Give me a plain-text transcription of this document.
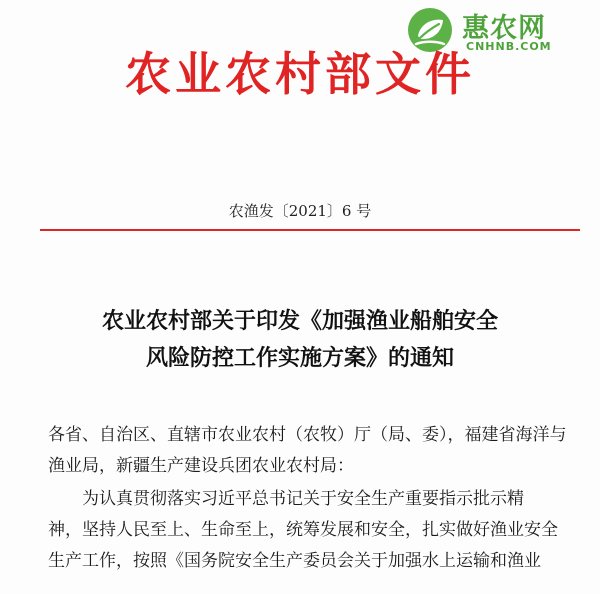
惠农网
CNHNB.COM
农业农村部文件
农渔发〔2021〕6 号
农业农村部关于印发《加强渔业船舶安全
风险防控工作实施方案》的通知
各省、自治区、直辖市农业农村（农牧）厅（局、委），福建省海洋与
渔业局，新疆生产建设兵团农业农村局：
为认真贯彻落实习近平总书记关于安全生产重要指示批示精
神，坚持人民至上、生命至上，统筹发展和安全，扎实做好渔业安全
生产工作，按照《国务院安全生产委员会关于加强水上运输和渔业
